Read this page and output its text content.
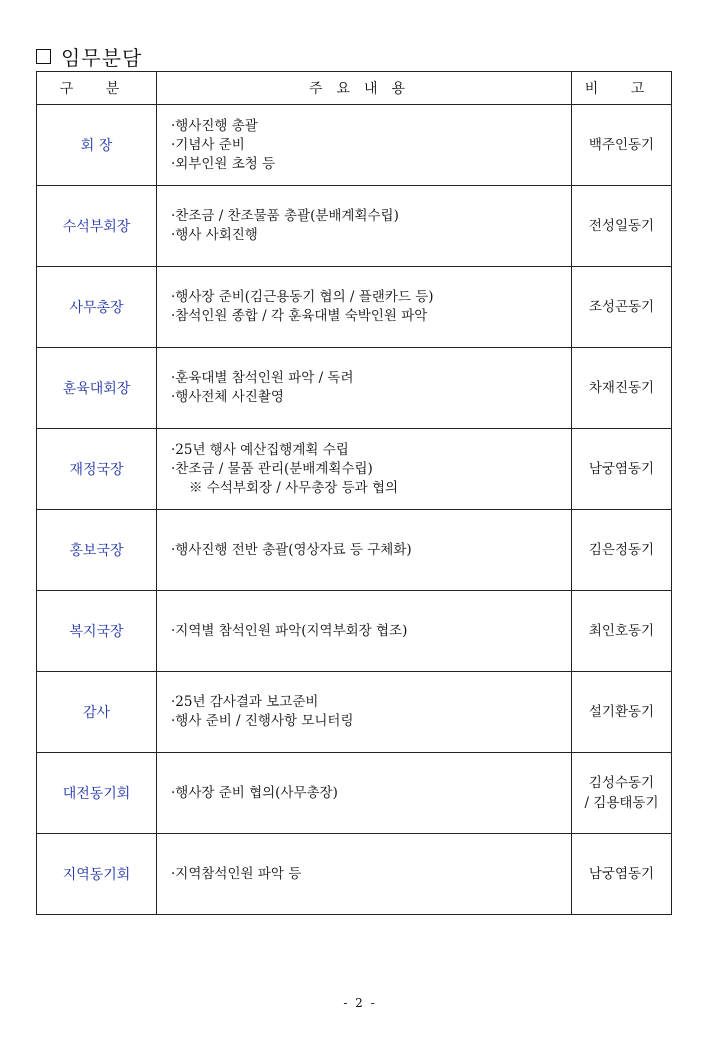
임무분담
구 분	주요내용	비 고
회 장	·행사진행 총괄
·기념사 준비
·외부인원 초청 등	백주인동기

수석부회장	·찬조금 / 찬조물품 총괄(분배계획수립)
·행사 사회진행	전성일동기

사무총장	·행사장 준비(김근용동기 협의 / 플랜카드 등)
·참석인원 종합 / 각 훈육대별 숙박인원 파악	조성곤동기

훈육대회장	·훈육대별 참석인원 파악 / 독려
·행사전체 사진촬영	차재진동기

재정국장	·25년 행사 예산집행계획 수립
·찬조금 / 물품 관리(분배계획수립)
※ 수석부회장 / 사무총장 등과 협의	남궁염동기

홍보국장	·행사진행 전반 총괄(영상자료 등 구체화)	김은정동기

복지국장	·지역별 참석인원 파악(지역부회장 협조)	최인호동기

감사	·25년 감사결과 보고준비
·행사 준비 / 진행사항 모니터링	설기환동기

대전동기회	·행사장 준비 협의(사무총장)	김성수동기
/ 김용태동기

지역동기회	·지역참석인원 파악 등	남궁염동기
- 2 -
